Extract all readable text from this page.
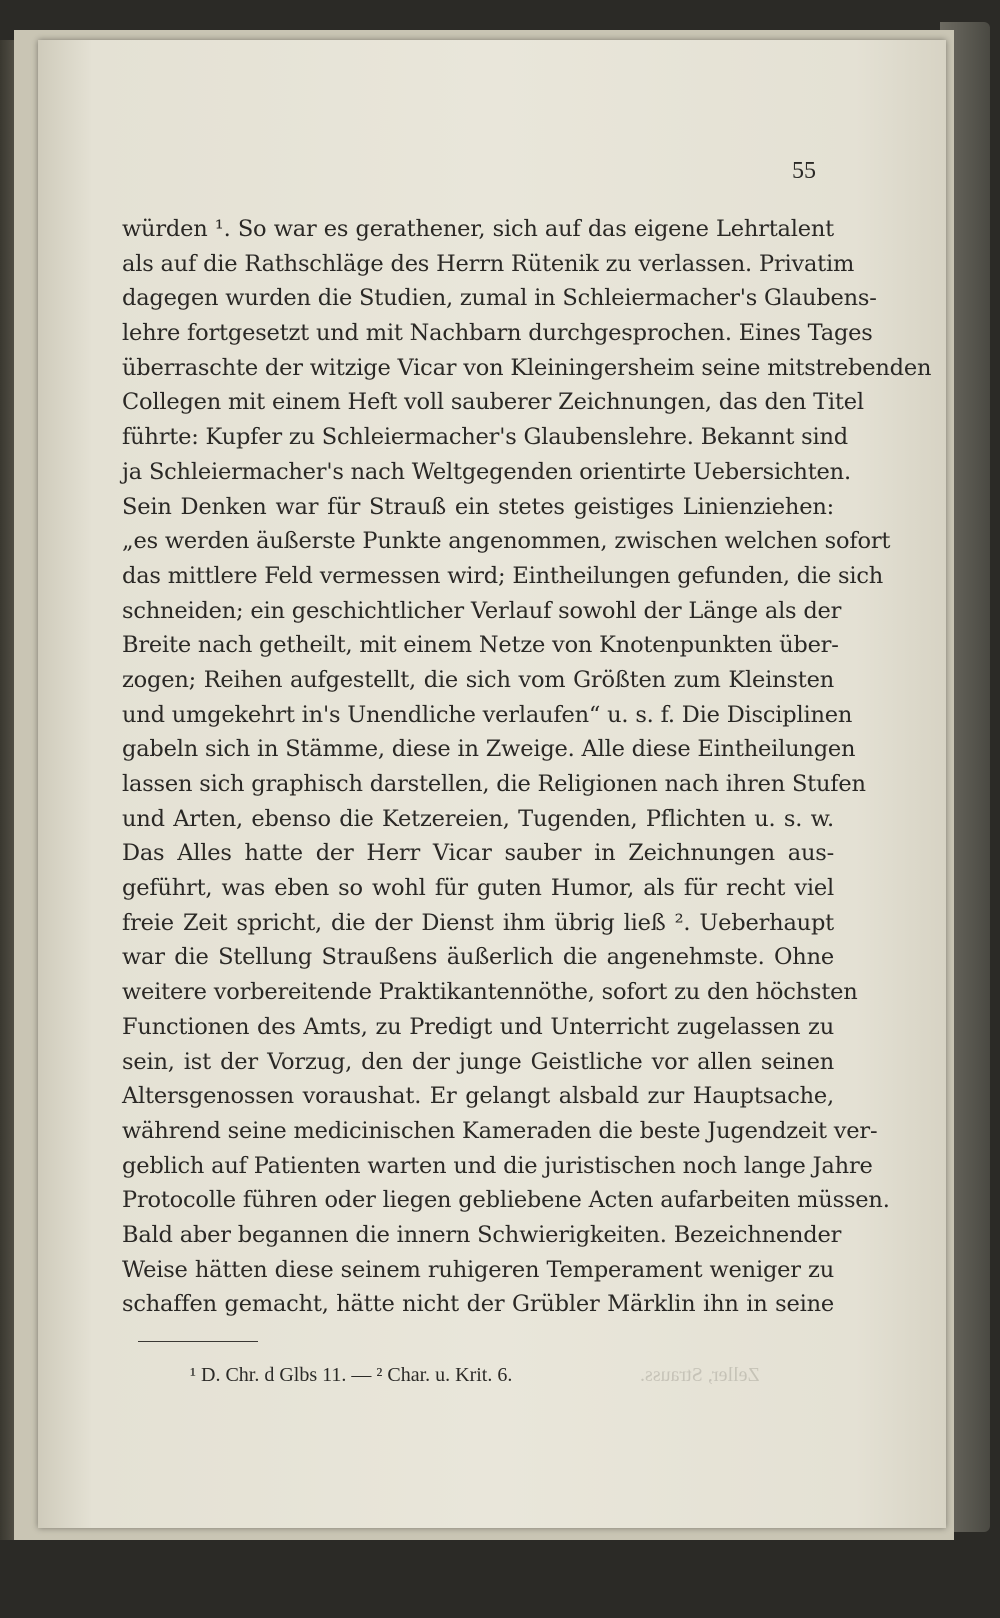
55
würden ¹. So war es gerathener, sich auf das eigene Lehrtalent
als auf die Rathschläge des Herrn Rütenik zu verlassen. Privatim
dagegen wurden die Studien, zumal in Schleiermacher's Glaubens-
lehre fortgesetzt und mit Nachbarn durchgesprochen. Eines Tages
überraschte der witzige Vicar von Kleiningersheim seine mitstrebenden
Collegen mit einem Heft voll sauberer Zeichnungen, das den Titel
führte: Kupfer zu Schleiermacher's Glaubenslehre. Bekannt sind
ja Schleiermacher's nach Weltgegenden orientirte Uebersichten.
Sein Denken war für Strauß ein stetes geistiges Linienziehen:
„es werden äußerste Punkte angenommen, zwischen welchen sofort
das mittlere Feld vermessen wird; Eintheilungen gefunden, die sich
schneiden; ein geschichtlicher Verlauf sowohl der Länge als der
Breite nach getheilt, mit einem Netze von Knotenpunkten über-
zogen; Reihen aufgestellt, die sich vom Größten zum Kleinsten
und umgekehrt in's Unendliche verlaufen“ u. s. f. Die Disciplinen
gabeln sich in Stämme, diese in Zweige. Alle diese Eintheilungen
lassen sich graphisch darstellen, die Religionen nach ihren Stufen
und Arten, ebenso die Ketzereien, Tugenden, Pflichten u. s. w.
Das Alles hatte der Herr Vicar sauber in Zeichnungen aus-
geführt, was eben so wohl für guten Humor, als für recht viel
freie Zeit spricht, die der Dienst ihm übrig ließ ². Ueberhaupt
war die Stellung Straußens äußerlich die angenehmste. Ohne
weitere vorbereitende Praktikantennöthe, sofort zu den höchsten
Functionen des Amts, zu Predigt und Unterricht zugelassen zu
sein, ist der Vorzug, den der junge Geistliche vor allen seinen
Altersgenossen voraushat. Er gelangt alsbald zur Hauptsache,
während seine medicinischen Kameraden die beste Jugendzeit ver-
geblich auf Patienten warten und die juristischen noch lange Jahre
Protocolle führen oder liegen gebliebene Acten aufarbeiten müssen.
Bald aber begannen die innern Schwierigkeiten. Bezeichnender
Weise hätten diese seinem ruhigeren Temperament weniger zu
schaffen gemacht, hätte nicht der Grübler Märklin ihn in seine
¹ D. Chr. d Glbs 11. — ² Char. u. Krit. 6.	Zeller, Strauss.
